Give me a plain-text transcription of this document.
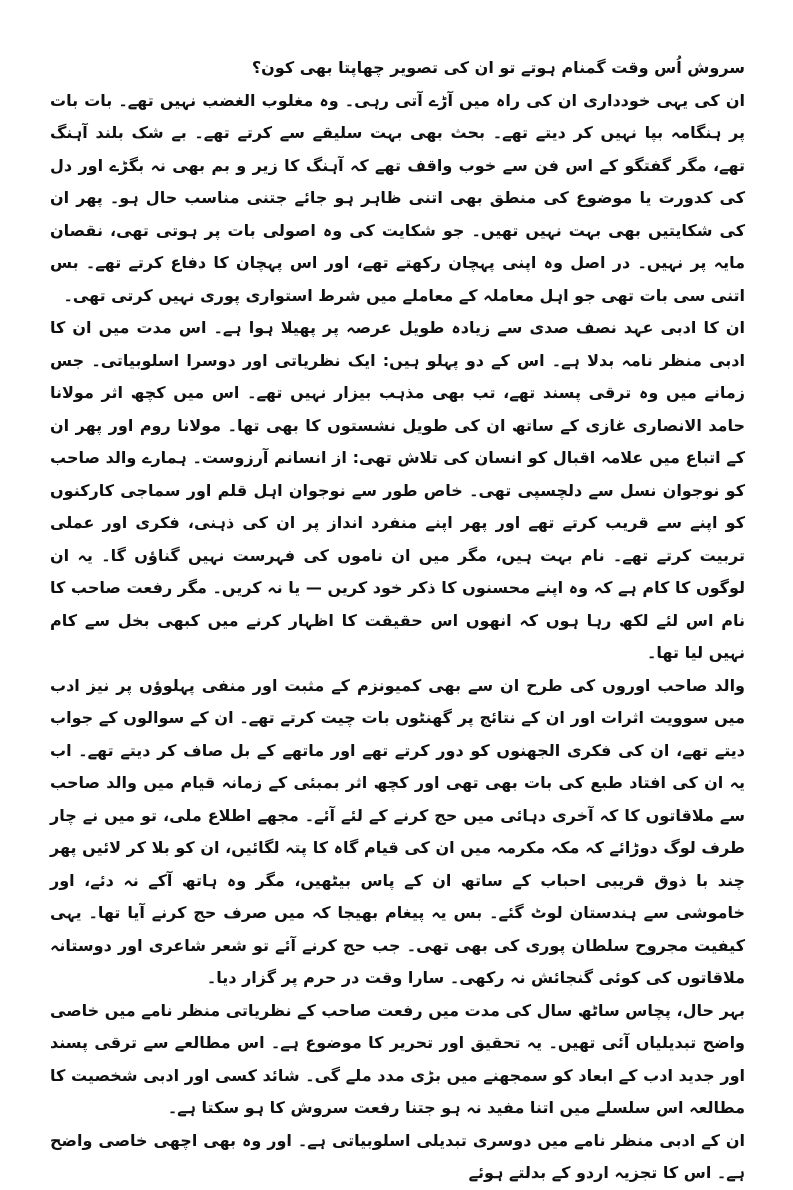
سروش اُس وقت گمنام ہوتے تو ان کی تصویر چھاپتا بھی کون؟

ان کی یہی خودداری ان کی راہ میں آڑے آتی رہی۔ وہ مغلوب الغضب نہیں تھے۔ بات بات پر ہنگامہ بپا نہیں کر دیتے تھے۔ بحث بھی بہت سلیقے سے کرتے تھے۔ بے شک بلند آہنگ تھے، مگر گفتگو کے اس فن سے خوب واقف تھے کہ آہنگ کا زیر و بم بھی نہ بگڑے اور دل کی کدورت یا موضوع کی منطق بھی اتنی ظاہر ہو جائے جتنی مناسب حال ہو۔ پھر ان کی شکایتیں بھی بہت نہیں تھیں۔ جو شکایت کی وہ اصولی بات پر ہوتی تھی، نقصان مایہ پر نہیں۔ در اصل وہ اپنی پہچان رکھتے تھے، اور اس پہچان کا دفاع کرتے تھے۔ بس اتنی سی بات تھی جو اہل معاملہ کے معاملے میں شرط استواری پوری نہیں کرتی تھی۔

ان کا ادبی عہد نصف صدی سے زیادہ طویل عرصہ پر پھیلا ہوا ہے۔ اس مدت میں ان کا ادبی منظر نامہ بدلا ہے۔ اس کے دو پہلو ہیں: ایک نظریاتی اور دوسرا اسلوبیاتی۔ جس زمانے میں وہ ترقی پسند تھے، تب بھی مذہب بیزار نہیں تھے۔ اس میں کچھ اثر مولانا حامد الانصاری غازی کے ساتھ ان کی طویل نشستوں کا بھی تھا۔ مولانا روم اور پھر ان کے اتباع میں علامہ اقبال کو انسان کی تلاش تھی: از انسانم آرزوست۔ ہمارے والد صاحب کو نوجوان نسل سے دلچسپی تھی۔ خاص طور سے نوجوان اہل قلم اور سماجی کارکنوں کو اپنے سے قریب کرتے تھے اور پھر اپنے منفرد انداز پر ان کی ذہنی، فکری اور عملی تربیت کرتے تھے۔ نام بہت ہیں، مگر میں ان ناموں کی فہرست نہیں گناؤں گا۔ یہ ان لوگوں کا کام ہے کہ وہ اپنے محسنوں کا ذکر خود کریں — یا نہ کریں۔ مگر رفعت صاحب کا نام اس لئے لکھ رہا ہوں کہ انھوں اس حقیقت کا اظہار کرنے میں کبھی بخل سے کام نہیں لیا تھا۔

والد صاحب اوروں کی طرح ان سے بھی کمیونزم کے مثبت اور منفی پہلوؤں پر نیز ادب میں سوویت اثرات اور ان کے نتائج پر گھنٹوں بات چیت کرتے تھے۔ ان کے سوالوں کے جواب دیتے تھے، ان کی فکری الجھنوں کو دور کرتے تھے اور ماتھے کے بل صاف کر دیتے تھے۔ اب یہ ان کی افتاد طبع کی بات بھی تھی اور کچھ اثر بمبئی کے زمانہ قیام میں والد صاحب سے ملاقاتوں کا کہ آخری دہائی میں حج کرنے کے لئے آئے۔ مجھے اطلاع ملی، تو میں نے چار طرف لوگ دوڑائے کہ مکہ مکرمہ میں ان کی قیام گاہ کا پتہ لگائیں، ان کو بلا کر لائیں پھر چند با ذوق قریبی احباب کے ساتھ ان کے پاس بیٹھیں، مگر وہ ہاتھ آکے نہ دئے، اور خاموشی سے ہندستان لوٹ گئے۔ بس یہ پیغام بھیجا کہ میں صرف حج کرنے آیا تھا۔ یہی کیفیت مجروح سلطان پوری کی بھی تھی۔ جب حج کرنے آئے تو شعر شاعری اور دوستانہ ملاقاتوں کی کوئی گنجائش نہ رکھی۔ سارا وقت در حرم پر گزار دیا۔

بہر حال، پچاس ساٹھ سال کی مدت میں رفعت صاحب کے نظریاتی منظر نامے میں خاصی واضح تبدیلیاں آئی تھیں۔ یہ تحقیق اور تحریر کا موضوع ہے۔ اس مطالعے سے ترقی پسند اور جدید ادب کے ابعاد کو سمجھنے میں بڑی مدد ملے گی۔ شائد کسی اور ادبی شخصیت کا مطالعہ اس سلسلے میں اتنا مفید نہ ہو جتنا رفعت سروش کا ہو سکتا ہے۔

ان کے ادبی منظر نامے میں دوسری تبدیلی اسلوبیاتی ہے۔ اور وہ بھی اچھی خاصی واضح ہے۔ اس کا تجزیہ اردو کے بدلتے ہوئے
